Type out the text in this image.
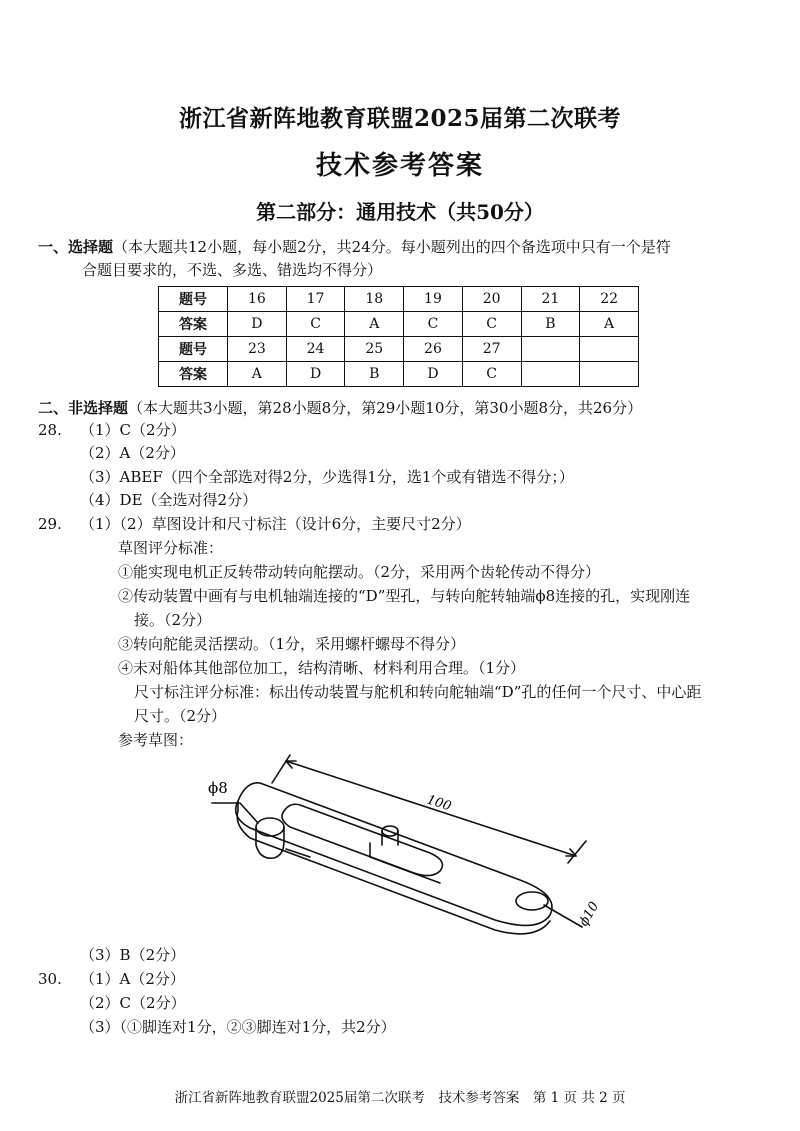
浙江省新阵地教育联盟2025届第二次联考
技术参考答案
第二部分：通用技术（共50分）
一、选择题（本大题共12小题，每小题2分，共24分。每小题列出的四个备选项中只有一个是符
合题目要求的，不选、多选、错选均不得分）
题号	16	17	18	19	20	21	22
答案	D	C	A	C	C	B	A
题号	23	24	25	26	27		
答案	A	D	B	D	C		
二、非选择题（本大题共3小题，第28小题8分，第29小题10分，第30小题8分，共26分）
28. （1）C（2分）
（2）A（2分）
（3）ABEF（四个全部选对得2分，少选得1分，选1个或有错选不得分；）
（4）DE（全选对得2分）
29. （1）（2）草图设计和尺寸标注（设计6分，主要尺寸2分）
草图评分标准：
①能实现电机正反转带动转向舵摆动。（2分，采用两个齿轮传动不得分）
②传动装置中画有与电机轴端连接的“D”型孔，与转向舵转轴端ϕ8连接的孔，实现刚连
接。（2分）
③转向舵能灵活摆动。（1分，采用螺杆螺母不得分）
④未对船体其他部位加工，结构清晰、材料利用合理。（1分）
尺寸标注评分标准：标出传动装置与舵机和转向舵轴端“D”孔的任何一个尺寸、中心距
尺寸。（2分）
参考草图：
ϕ8
100
ϕ10
（3）B（2分）
30. （1）A（2分）
（2）C（2分）
（3）（①脚连对1分，②③脚连对1分，共2分）
浙江省新阵地教育联盟2025届第二次联考　技术参考答案　第 1 页 共 2 页
